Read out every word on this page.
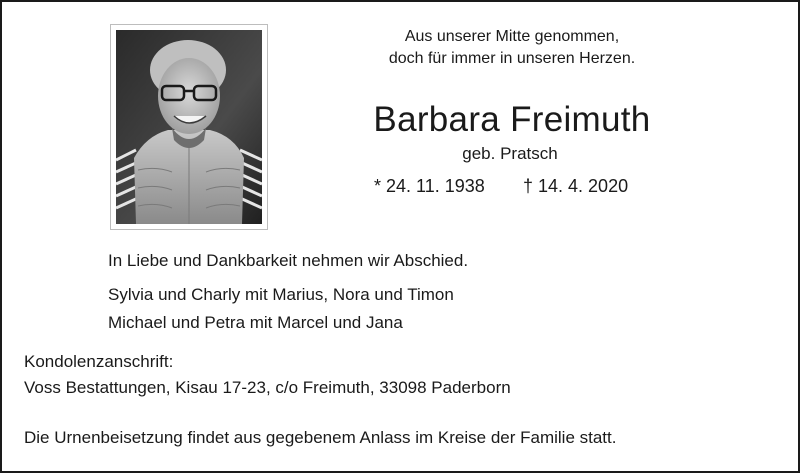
Aus unserer Mitte genommen,
doch für immer in unseren Herzen.
Barbara Freimuth
geb. Pratsch
* 24. 11. 1938 † 14. 4. 2020
In Liebe und Dankbarkeit nehmen wir Abschied.
Sylvia und Charly mit Marius, Nora und Timon
Michael und Petra mit Marcel und Jana
Kondolenzanschrift:
Voss Bestattungen, Kisau 17-23, c/o Freimuth, 33098 Paderborn
Die Urnenbeisetzung findet aus gegebenem Anlass im Kreise der Familie statt.
